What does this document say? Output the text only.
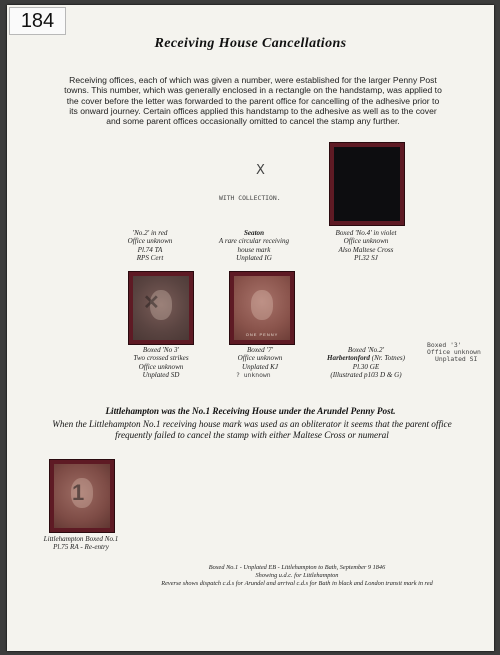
184
Receiving House Cancellations
Receiving offices, each of which was given a number, were established for the larger Penny Post towns. This number, which was generally enclosed in a rectangle on the handstamp, was applied to the cover before the letter was forwarded to the parent office for cancelling of the adhesive prior to its onward journey. Certain offices applied this handstamp to the adhesive as well as to the cover and some parent offices occasionally omitted to cancel the stamp any further.
X
WITH COLLECTION.
'No.2' in red
Office unknown
Pl.74 TA
RPS Cert
Seaton
A rare circular receiving
house mark
Unplated IG
Boxed 'No.4' in violet
Office unknown
Also Maltese Cross
Pl.32 SJ
✕
ONE PENNY
Boxed 'No 3'
Two crossed strikes
Office unknown
Unplated SD
Boxed '7'
Office unknown
Unplated KJ
? unknown
Boxed 'No.2'
Harbertonford (Nr. Totnes)
Pl.30 GE
(Illustrated p103 D & G)
Boxed '3'
Office unknown
Unplated SI
Littlehampton was the No.1 Receiving House under the Arundel Penny Post.
When the Littlehampton No.1 receiving house mark was used as an obliterator it seems that the parent office frequently failed to cancel the stamp with either Maltese Cross or numeral
1
Littlehampton Boxed No.1
Pl.75 RA - Re-entry
Boxed No.1 - Unplated EB - Littlehampton to Bath, September 9 1846
Showing u.d.c. for Littlehampton
Reverse shows dispatch c.d.s for Arundel and arrival c.d.s for Bath in black and London transit mark in red
